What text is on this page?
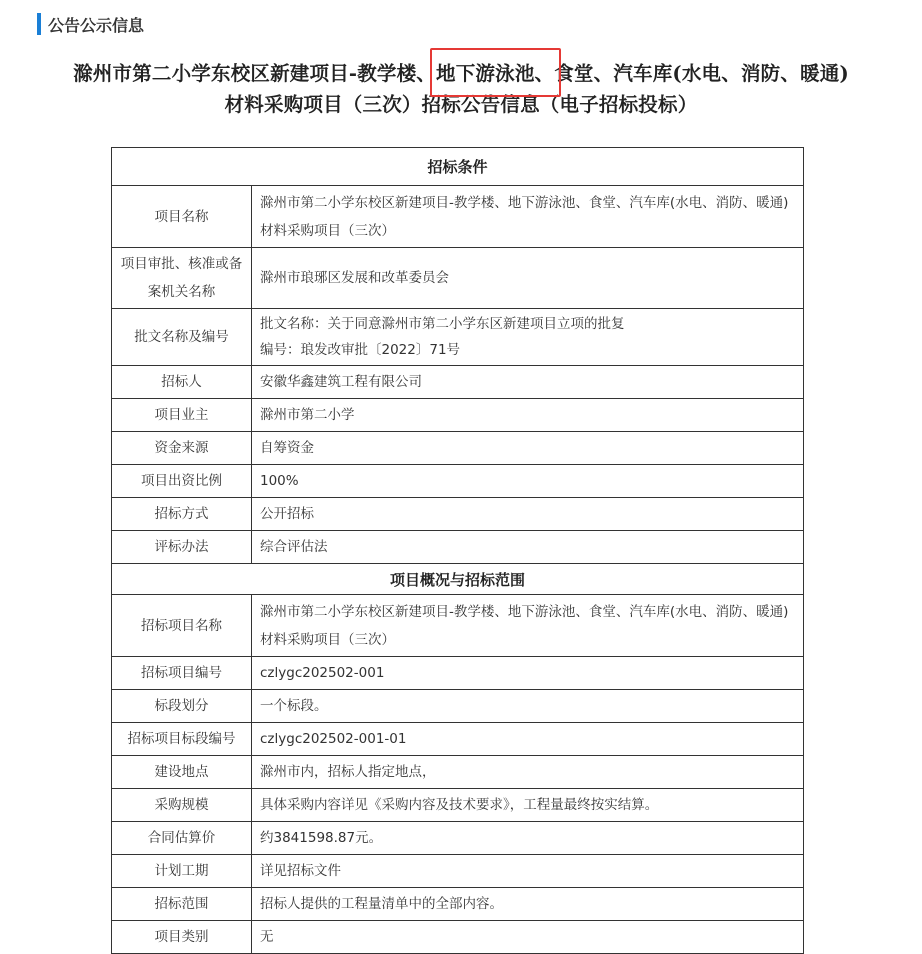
公告公示信息
滁州市第二小学东校区新建项目-教学楼、地下游泳池、
食堂、汽车库(水电、消防、暖通)
材料采购项目（三次）招标公告信息（电子招标投标）
招标条件	
项目名称	滁州市第二小学东校区新建项目-教学楼、地下游泳池、食堂、汽车库(水电、消防、暖通)材料采购项目（三次）
项目审批、核准或备案机关名称	滁州市琅琊区发展和改革委员会
批文名称及编号	批文名称：关于同意滁州市第二小学东区新建项目立项的批复
编号：琅发改审批〔2022〕71号

招标人	安徽华鑫建筑工程有限公司
项目业主	滁州市第二小学
资金来源	自筹资金
项目出资比例	100%
招标方式	公开招标
评标办法	综合评估法
项目概况与招标范围	
招标项目名称	滁州市第二小学东校区新建项目-教学楼、地下游泳池、食堂、汽车库(水电、消防、暖通)材料采购项目（三次）
招标项目编号	czlygc202502-001
标段划分	一个标段。
招标项目标段编号	czlygc202502-001-01
建设地点	滁州市内，招标人指定地点，
采购规模	具体采购内容详见《采购内容及技术要求》，工程量最终按实结算。
合同估算价	约3841598.87元。
计划工期	详见招标文件
招标范围	招标人提供的工程量清单中的全部内容。
项目类别	无
